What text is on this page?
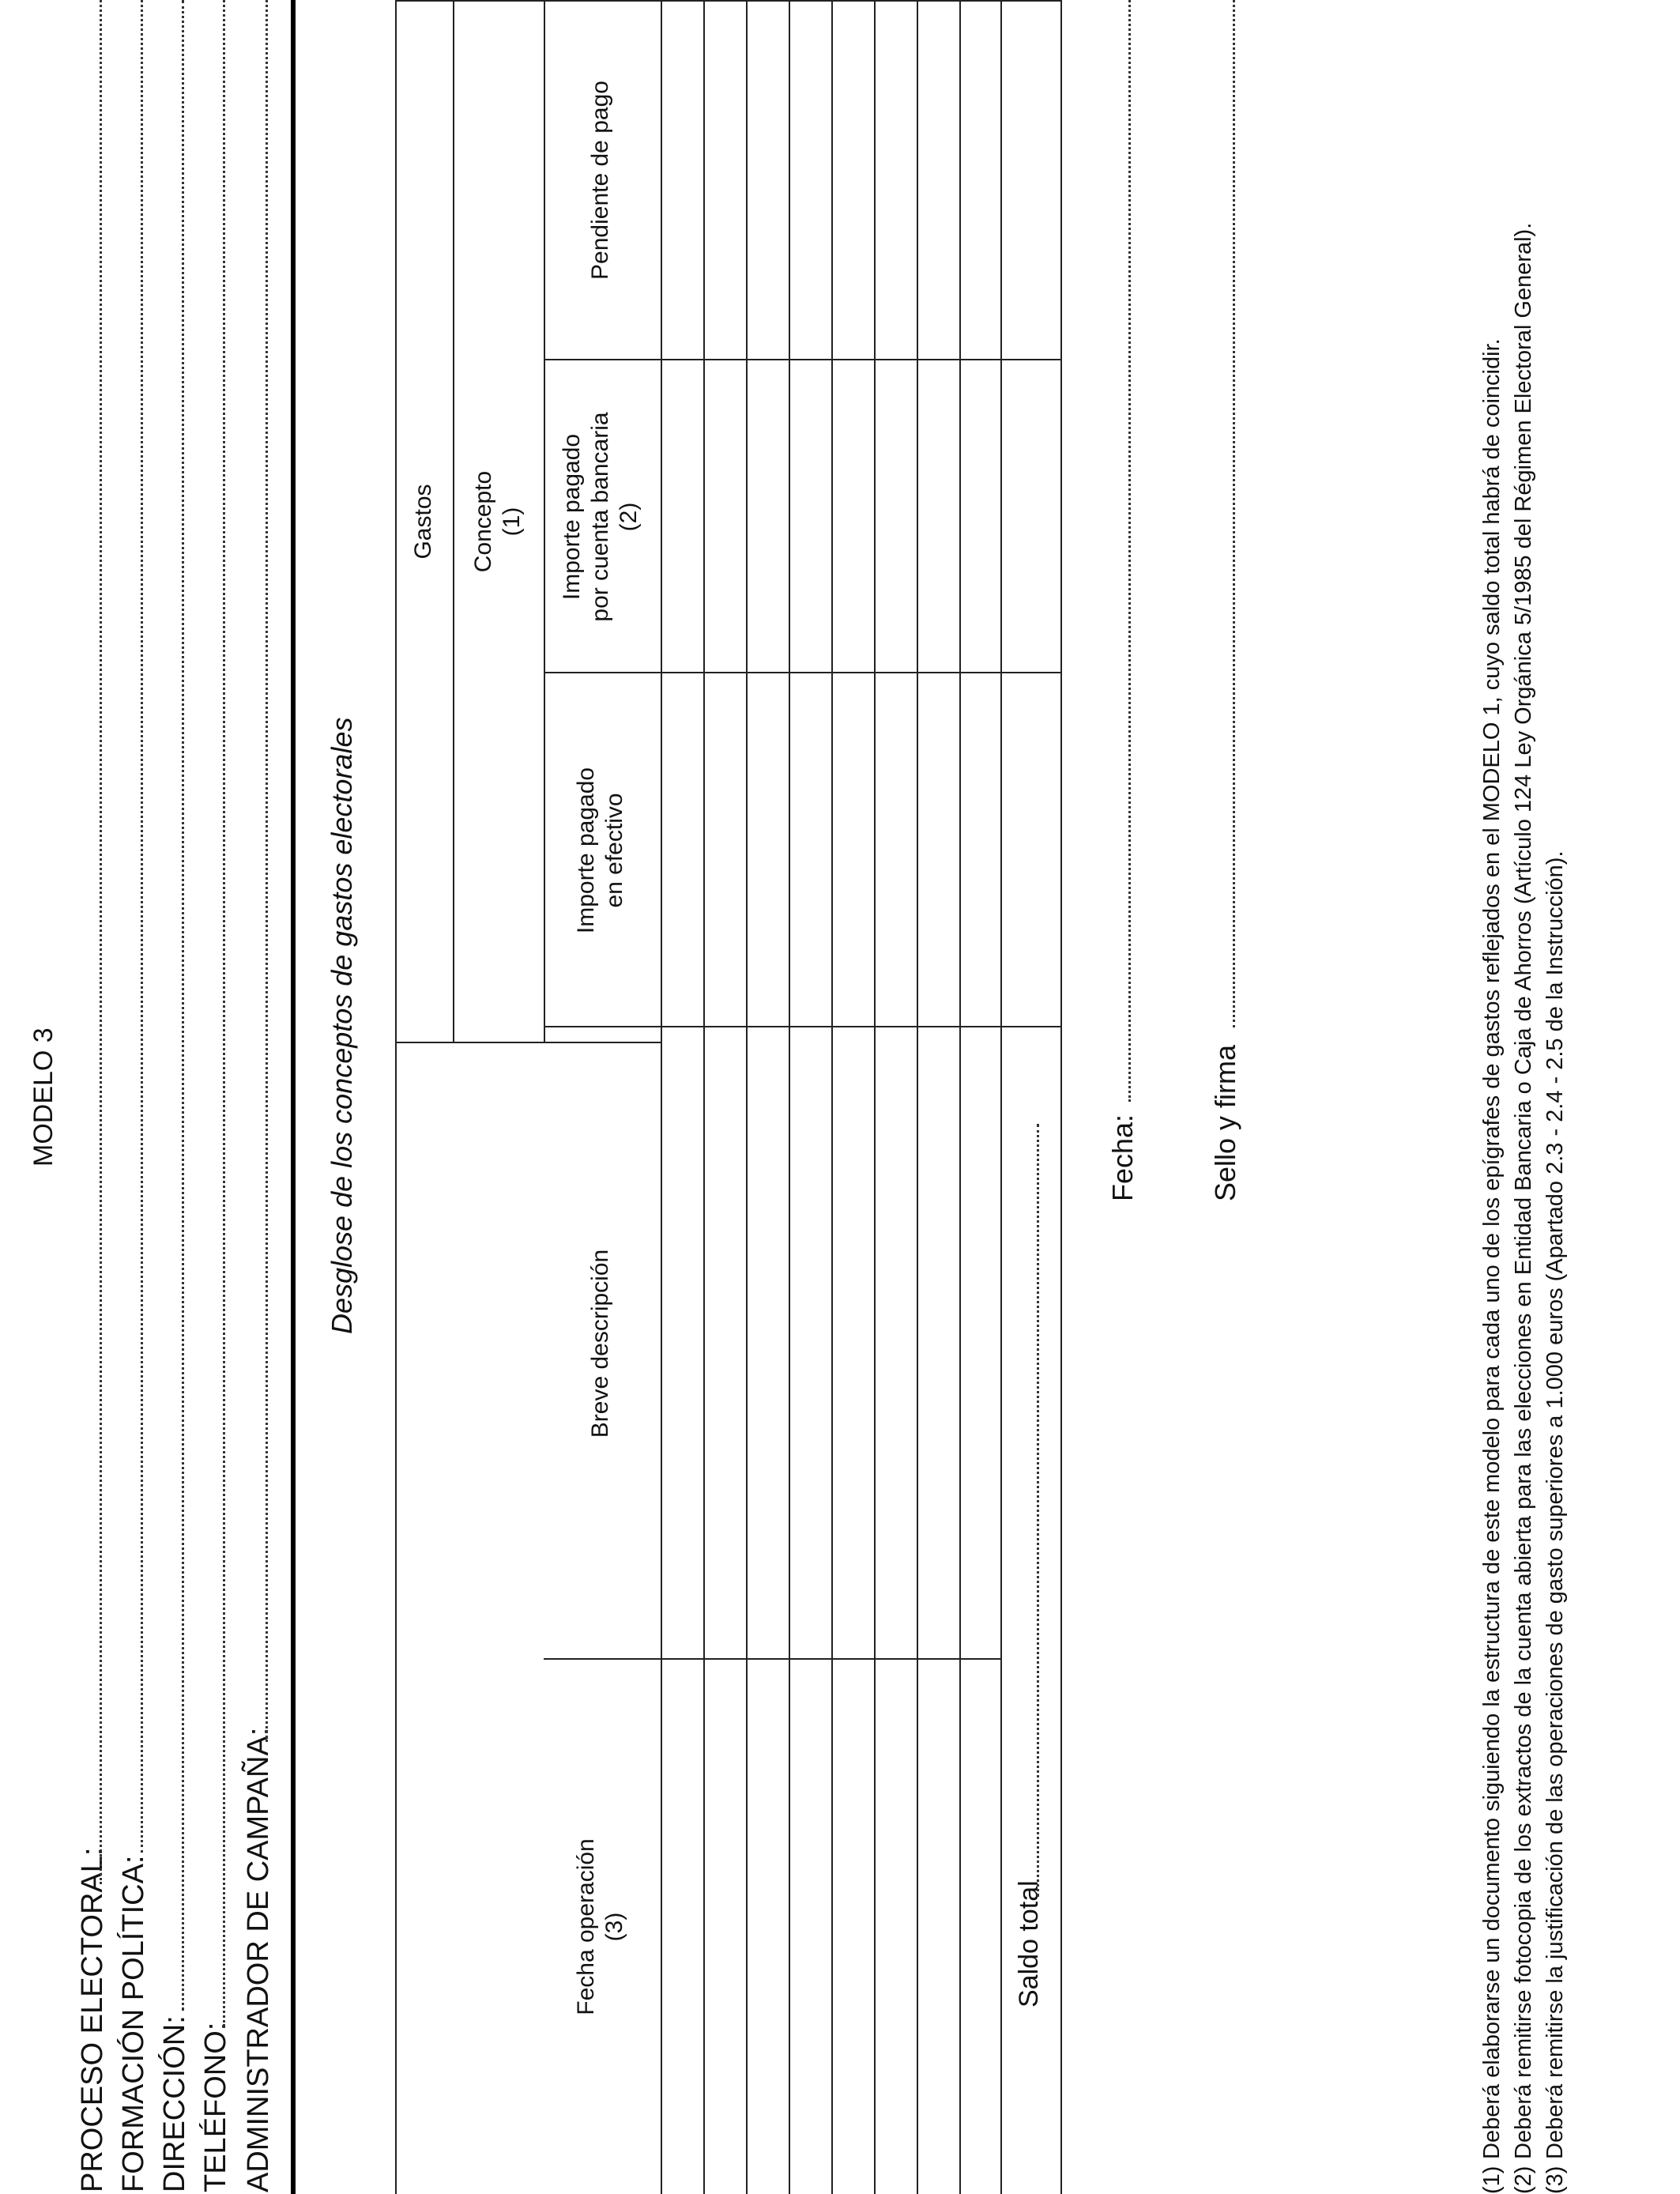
MODELO 3
PROCESO ELECTORAL: FORMACIÓN POLÍTICA: DIRECCIÓN: TELÉFONO: ADMINISTRADOR DE CAMPAÑA:
Desglose de los conceptos de gastos electorales
Gastos Concepto (1)
Fecha operación (3)
Breve descripción
Importe pagado en efectivo
Importe pagado por cuenta bancaria (2)
Pendiente de pago
Saldo total
Fecha: Sello y firma
(1)Deberá elaborarse un documento siguiendo la estructura de este modelo para cada uno de los epígrafes de gastos reflejados en el MODELO 1, cuyo saldo total habrá de coincidir.
(2)Deberá remitirse fotocopia de los extractos de la cuenta abierta para las elecciones en Entidad Bancaria o Caja de Ahorros (Artículo 124 Ley Orgánica 5/1985 del Régimen Electoral General).
(3)Deberá remitirse la justificación de las operaciones de gasto superiores a 1.000 euros (Apartado 2.3 - 2.4 - 2.5 de la Instrucción).
